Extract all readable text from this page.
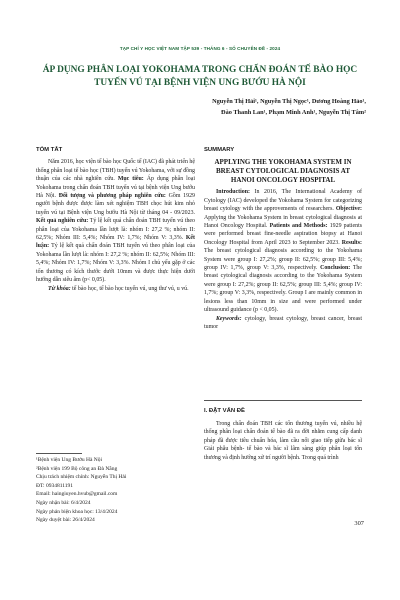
TẠP CHÍ Y HỌC VIỆT NAM TẬP 539 - THÁNG 6 - SỐ CHUYÊN ĐỀ - 2024
ÁP DỤNG PHÂN LOẠI YOKOHAMA TRONG CHẨN ĐOÁN TẾ BÀO HỌC TUYẾN VÚ TẠI BỆNH VIỆN UNG BƯỚU HÀ NỘI
Nguyễn Thị Hải¹, Nguyễn Thị Ngọc¹, Dương Hoàng Hảo¹,
Đào Thanh Lan¹, Phạm Minh Anh¹, Nguyễn Thị Tâm²

TÓM TẮT

Năm 2016, học viện tế bào học Quốc tế (IAC) đã phát triển hệ thống phân loại tế bào học (TBH) tuyến vú Yokohama, với sự đồng thuận của các nhà nghiên cứu. Mục tiêu: Áp dụng phân loại Yokohama trong chẩn đoán TBH tuyến vú tại bệnh viện Ung bướu Hà Nội. Đối tượng và phương pháp nghiên cứu: Gồm 1929 người bệnh được được làm xét nghiệm TBH chọc hút kim nhỏ tuyến vú tại Bệnh viện Ung bướu Hà Nội từ tháng 04 - 09/2023. Kết quả nghiên cứu: Tỷ lệ kết quả chẩn đoán TBH tuyến vú theo phân loại của Yokohama lần lượt là: nhóm I: 27,2 %; nhóm II: 62,5%; Nhóm III: 5,4%; Nhóm IV: 1,7%; Nhóm V: 3,3%. Kết luận: Tỷ lệ kết quả chẩn đoán TBH tuyến vú theo phân loại của Yokohama lần lượt là: nhóm I: 27,2 %; nhóm II: 62,5%; Nhóm III: 5,4%; Nhóm IV: 1,7%; Nhóm V: 3,3%. Nhóm I chủ yếu gặp ở các tổn thương có kích thước dưới 10mm và được thực hiện dưới hướng dẫn siêu âm (p< 0,05).

Từ khóa: tế bào học, tế bào học tuyến vú, ung thư vú, u vú.

SUMMARY

APPLYING THE YOKOHAMA SYSTEM IN BREAST CYTOLOGICAL DIAGNOSIS AT HANOI ONCOLOGY HOSPITAL

Introduction: In 2016, The International Academy of Cytology (IAC) developed the Yokohama System for categorizing breast cytology with the approvements of researchers. Objective: Applying the Yokohama System in breast cytological diagnosis at Hanoi Oncology Hospital. Patients and Methods: 1929 patients were performed breast fine-needle aspiration biopsy at Hanoi Oncology Hospital from April 2023 to September 2023. Results: The breast cytological diagnosis according to the Yokohama System were group I: 27,2%; group II: 62,5%; group III: 5,4%; group IV: 1,7%, group V: 3,3%, respectively. Conclusion: The breast cytological diagnosis according to the Yokohama System were group I: 27,2%; group II: 62,5%; group III: 5,4%; group IV: 1,7%; group V: 3,3%, respectively. Group I are mainly common in lesions less than 10mm in size and were performed under ultrasound guidance (p < 0,05).

Keywords: cytology, breast cytology, breast cancer, breast tumor

I. ĐẶT VẤN ĐỀ

Trong chẩn đoán TBH các tổn thương tuyến vú, nhiều hệ thống phân loại chẩn đoán tế bào đã ra đời nhằm cung cấp danh pháp đã được tiêu chuẩn hóa, làm cầu nối giao tiếp giữa bác sĩ Giải phẫu bệnh- tế bào và bác sĩ lâm sàng giúp phân loại tổn thương và định hướng xử trí người bệnh. Trong quá trình

¹Bệnh viện Ung Bướu Hà Nội

²Bệnh viện 199 Bộ công an Đà Nẵng

Chịu trách nhiệm chính: Nguyễn Thị Hải

ĐT: 0934811191

Email: haingiuyen.hvub@gmail.com

Ngày nhận bài: 6/4/2024

Ngày phản biện khoa học: 13/4/2024

Ngày duyệt bài: 26/4/2024	307
